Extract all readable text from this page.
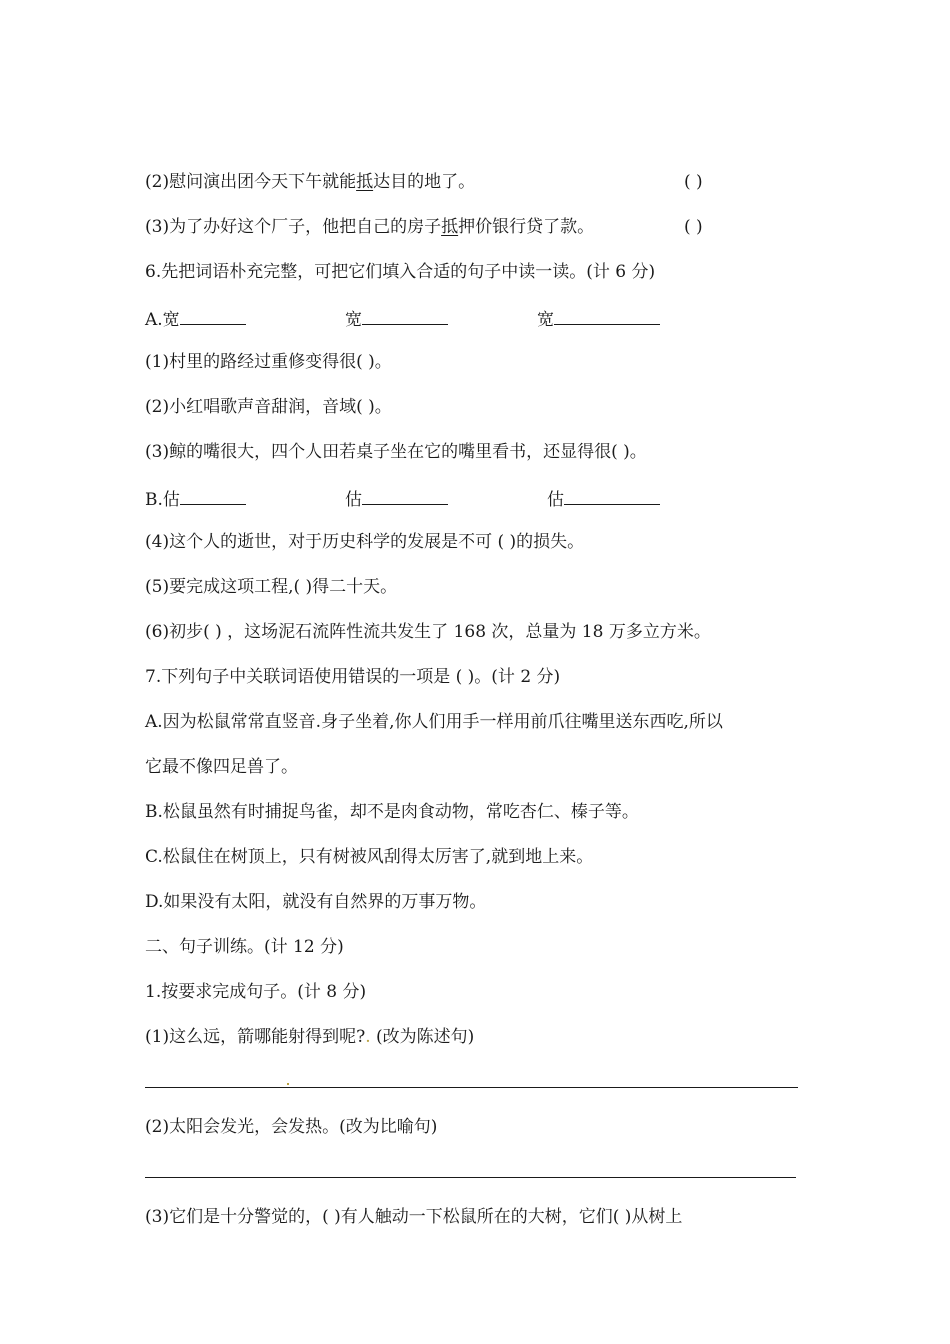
(2)慰问演出团今天下午就能抵达目的地了。	( )
(3)为了办好这个厂子，他把自己的房子抵押价银行贷了款。	( )
6.先把词语朴充完整，可把它们填入合适的句子中读一读。(计 6 分)
A.宽	宽	宽
(1)村里的路经过重修变得很( )。
(2)小红唱歌声音甜润，音域( )。
(3)鲸的嘴很大，四个人田若桌子坐在它的嘴里看书，还显得很( )。
B.估	估	估
(4)这个人的逝世，对于历史科学的发展是不可 ( )的损失。
(5)要完成这项工程,( )得二十天。
(6)初步( ) ，这场泥石流阵性流共发生了 168 次，总量为 18 万多立方米。
7.下列句子中关联词语使用错误的一项是 ( )。(计 2 分)
A.因为松鼠常常直竖音.身子坐着,你人们用手一样用前爪往嘴里送东西吃,所以
它最不像四足兽了。
B.松鼠虽然有时捕捉鸟雀，却不是肉食动物，常吃杏仁、榛子等。
C.松鼠住在树顶上，只有树被风刮得太厉害了,就到地上来。
D.如果没有太阳，就没有自然界的万事万物。
二、句子训练。(计 12 分)
1.按要求完成句子。(计 8 分)
(1)这么远，箭哪能射得到呢?. (改为陈述句)
(2)太阳会发光，会发热。(改为比喻句)
(3)它们是十分警觉的，( )有人触动一下松鼠所在的大树，它们( )从树上
